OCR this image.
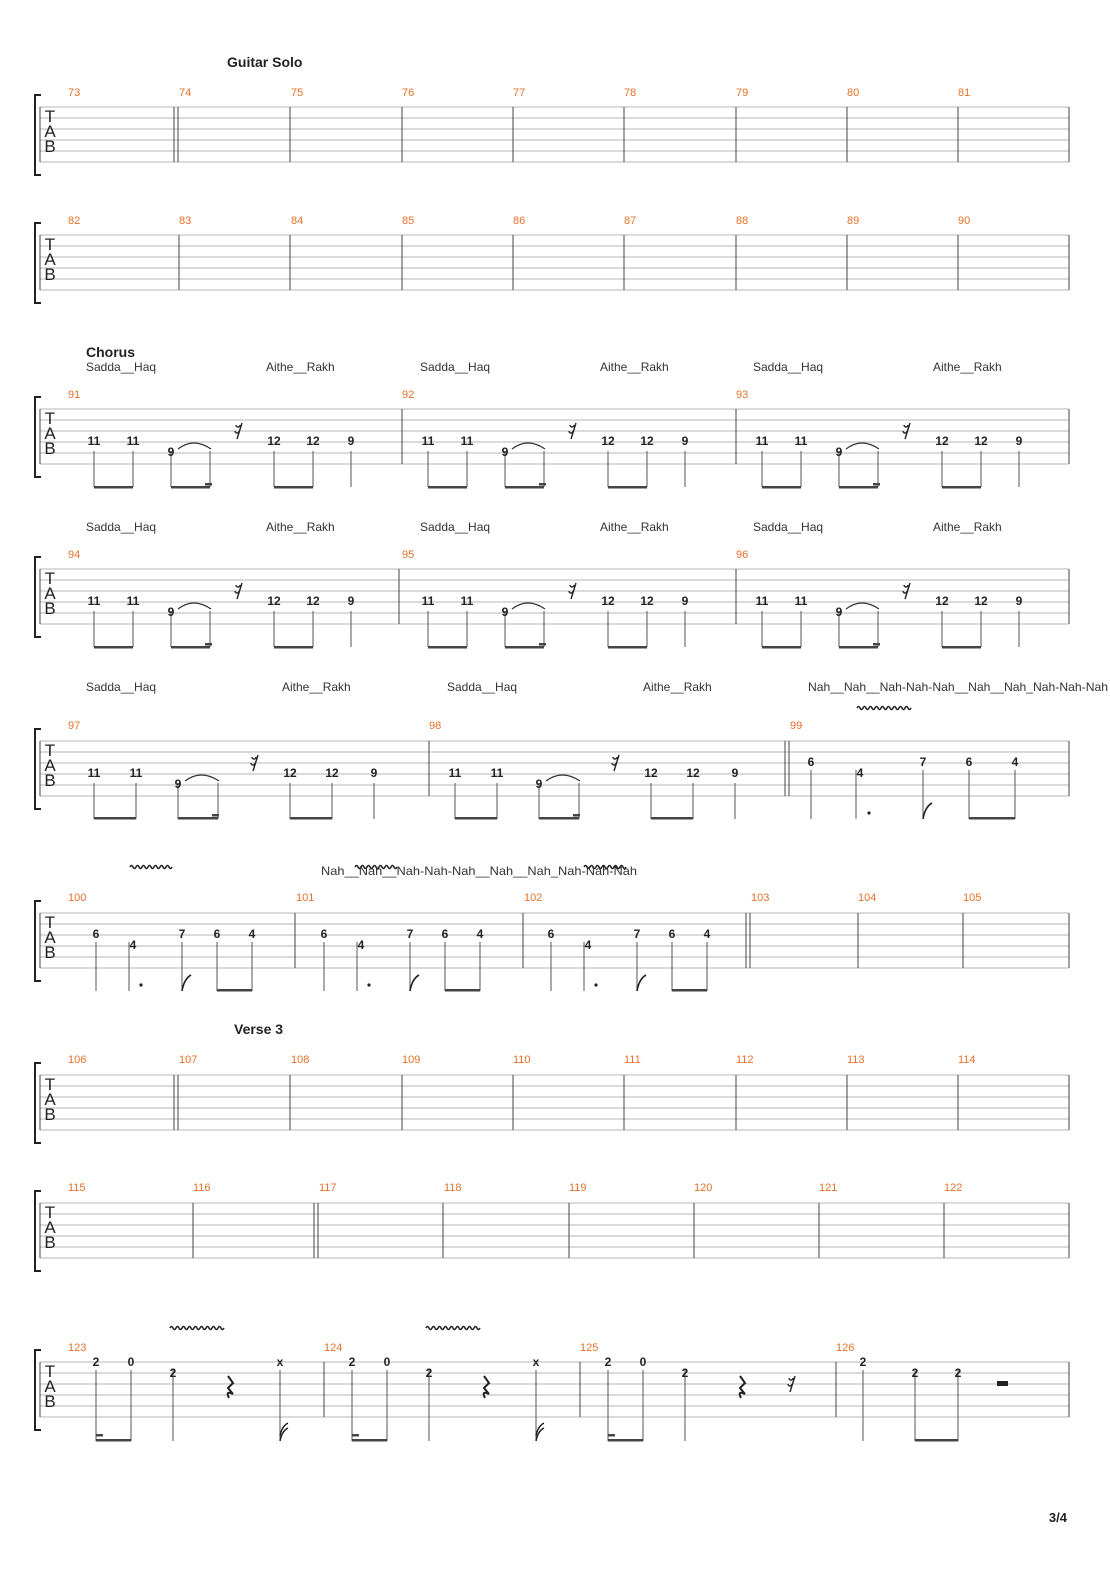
T
A
B
T
A
B
T
A
B
T
A
B
T
A
B
T
A
B
T
A
B
T
A
B
T
A
B
Guitar Solo
Chorus
Verse 3
73	74	75	76	77	78	79	80	81
82	83	84	85	86	87	88	89	90
Sadda__Haq	Aithe__Rakh	Sadda__Haq	Aithe__Rakh	Sadda__Haq	Aithe__Rakh
91	92	93
11 11
9
12 12 9	11 11
9
12 12 9	11 11
9
12 12 9
Sadda__Haq	Aithe__Rakh	Sadda__Haq	Aithe__Rakh	Sadda__Haq	Aithe__Rakh
94	95	96
11 11
9
12 12 9	11 11
9
12 12 9	11 11
9
12 12 9
Sadda__Haq	Aithe__Rakh	Sadda__Haq	Aithe__Rakh	Nah__Nah__Nah-Nah-Nah__Nah__Nah_Nah-Nah-Nah
97	98	99
11 11
9
12 12	9	11 11
9
12 12	9
6
4
7	6	4
Nah__Nah__Nah-Nah-Nah__Nah__Nah_Nah-Nah-Nah
100	101	102	103	104	105
6
4
7 6 4	6
4
7 6 4	6
4
7 6 4
106	107	108	109	110	111	112	113	114
115	116	117	118	119	120	121	122
123	124	125	126
2 0
2
x	2 0
2
x	2 0
2
2
2	2
3/4
